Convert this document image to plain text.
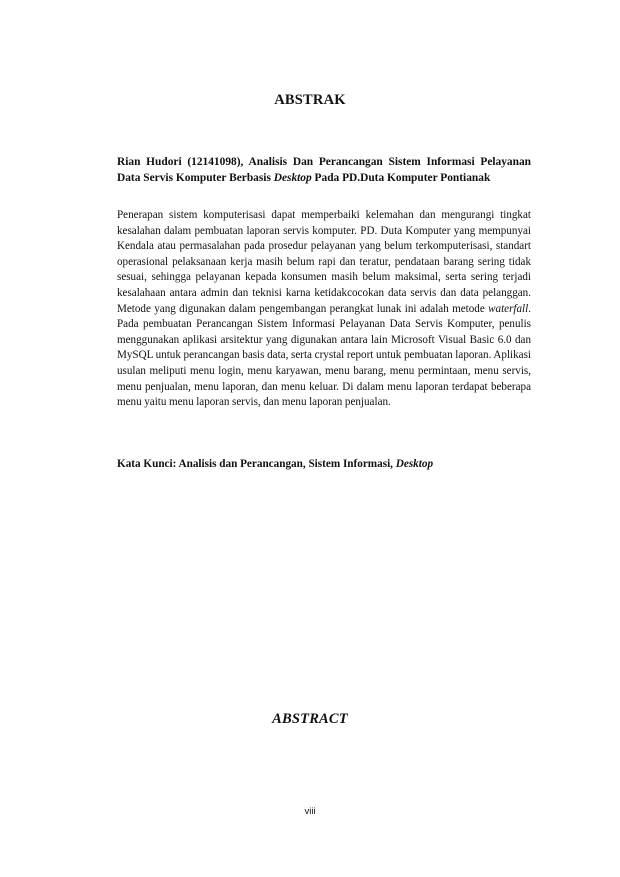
ABSTRAK
Rian Hudori (12141098), Analisis Dan Perancangan Sistem Informasi Pelayanan Data Servis Komputer Berbasis Desktop Pada PD.Duta Komputer Pontianak
Penerapan sistem komputerisasi dapat memperbaiki kelemahan dan mengurangi tingkat kesalahan dalam pembuatan laporan servis komputer. PD. Duta Komputer yang mempunyai Kendala atau permasalahan pada prosedur pelayanan yang belum terkomputerisasi, standart operasional pelaksanaan kerja masih belum rapi dan teratur, pendataan barang sering tidak sesuai, sehingga pelayanan kepada konsumen masih belum maksimal, serta sering terjadi kesalahaan antara admin dan teknisi karna ketidakcocokan data servis dan data pelanggan. Metode yang digunakan dalam pengembangan perangkat lunak ini adalah metode waterfall. Pada pembuatan Perancangan Sistem Informasi Pelayanan Data Servis Komputer, penulis menggunakan aplikasi arsitektur yang digunakan antara lain Microsoft Visual Basic 6.0 dan MySQL untuk perancangan basis data, serta crystal report untuk pembuatan laporan. Aplikasi usulan meliputi menu login, menu karyawan, menu barang, menu permintaan, menu servis, menu penjualan, menu laporan, dan menu keluar. Di dalam menu laporan terdapat beberapa menu yaitu menu laporan servis, dan menu laporan penjualan.
Kata Kunci: Analisis dan Perancangan, Sistem Informasi, Desktop
ABSTRACT
viii
